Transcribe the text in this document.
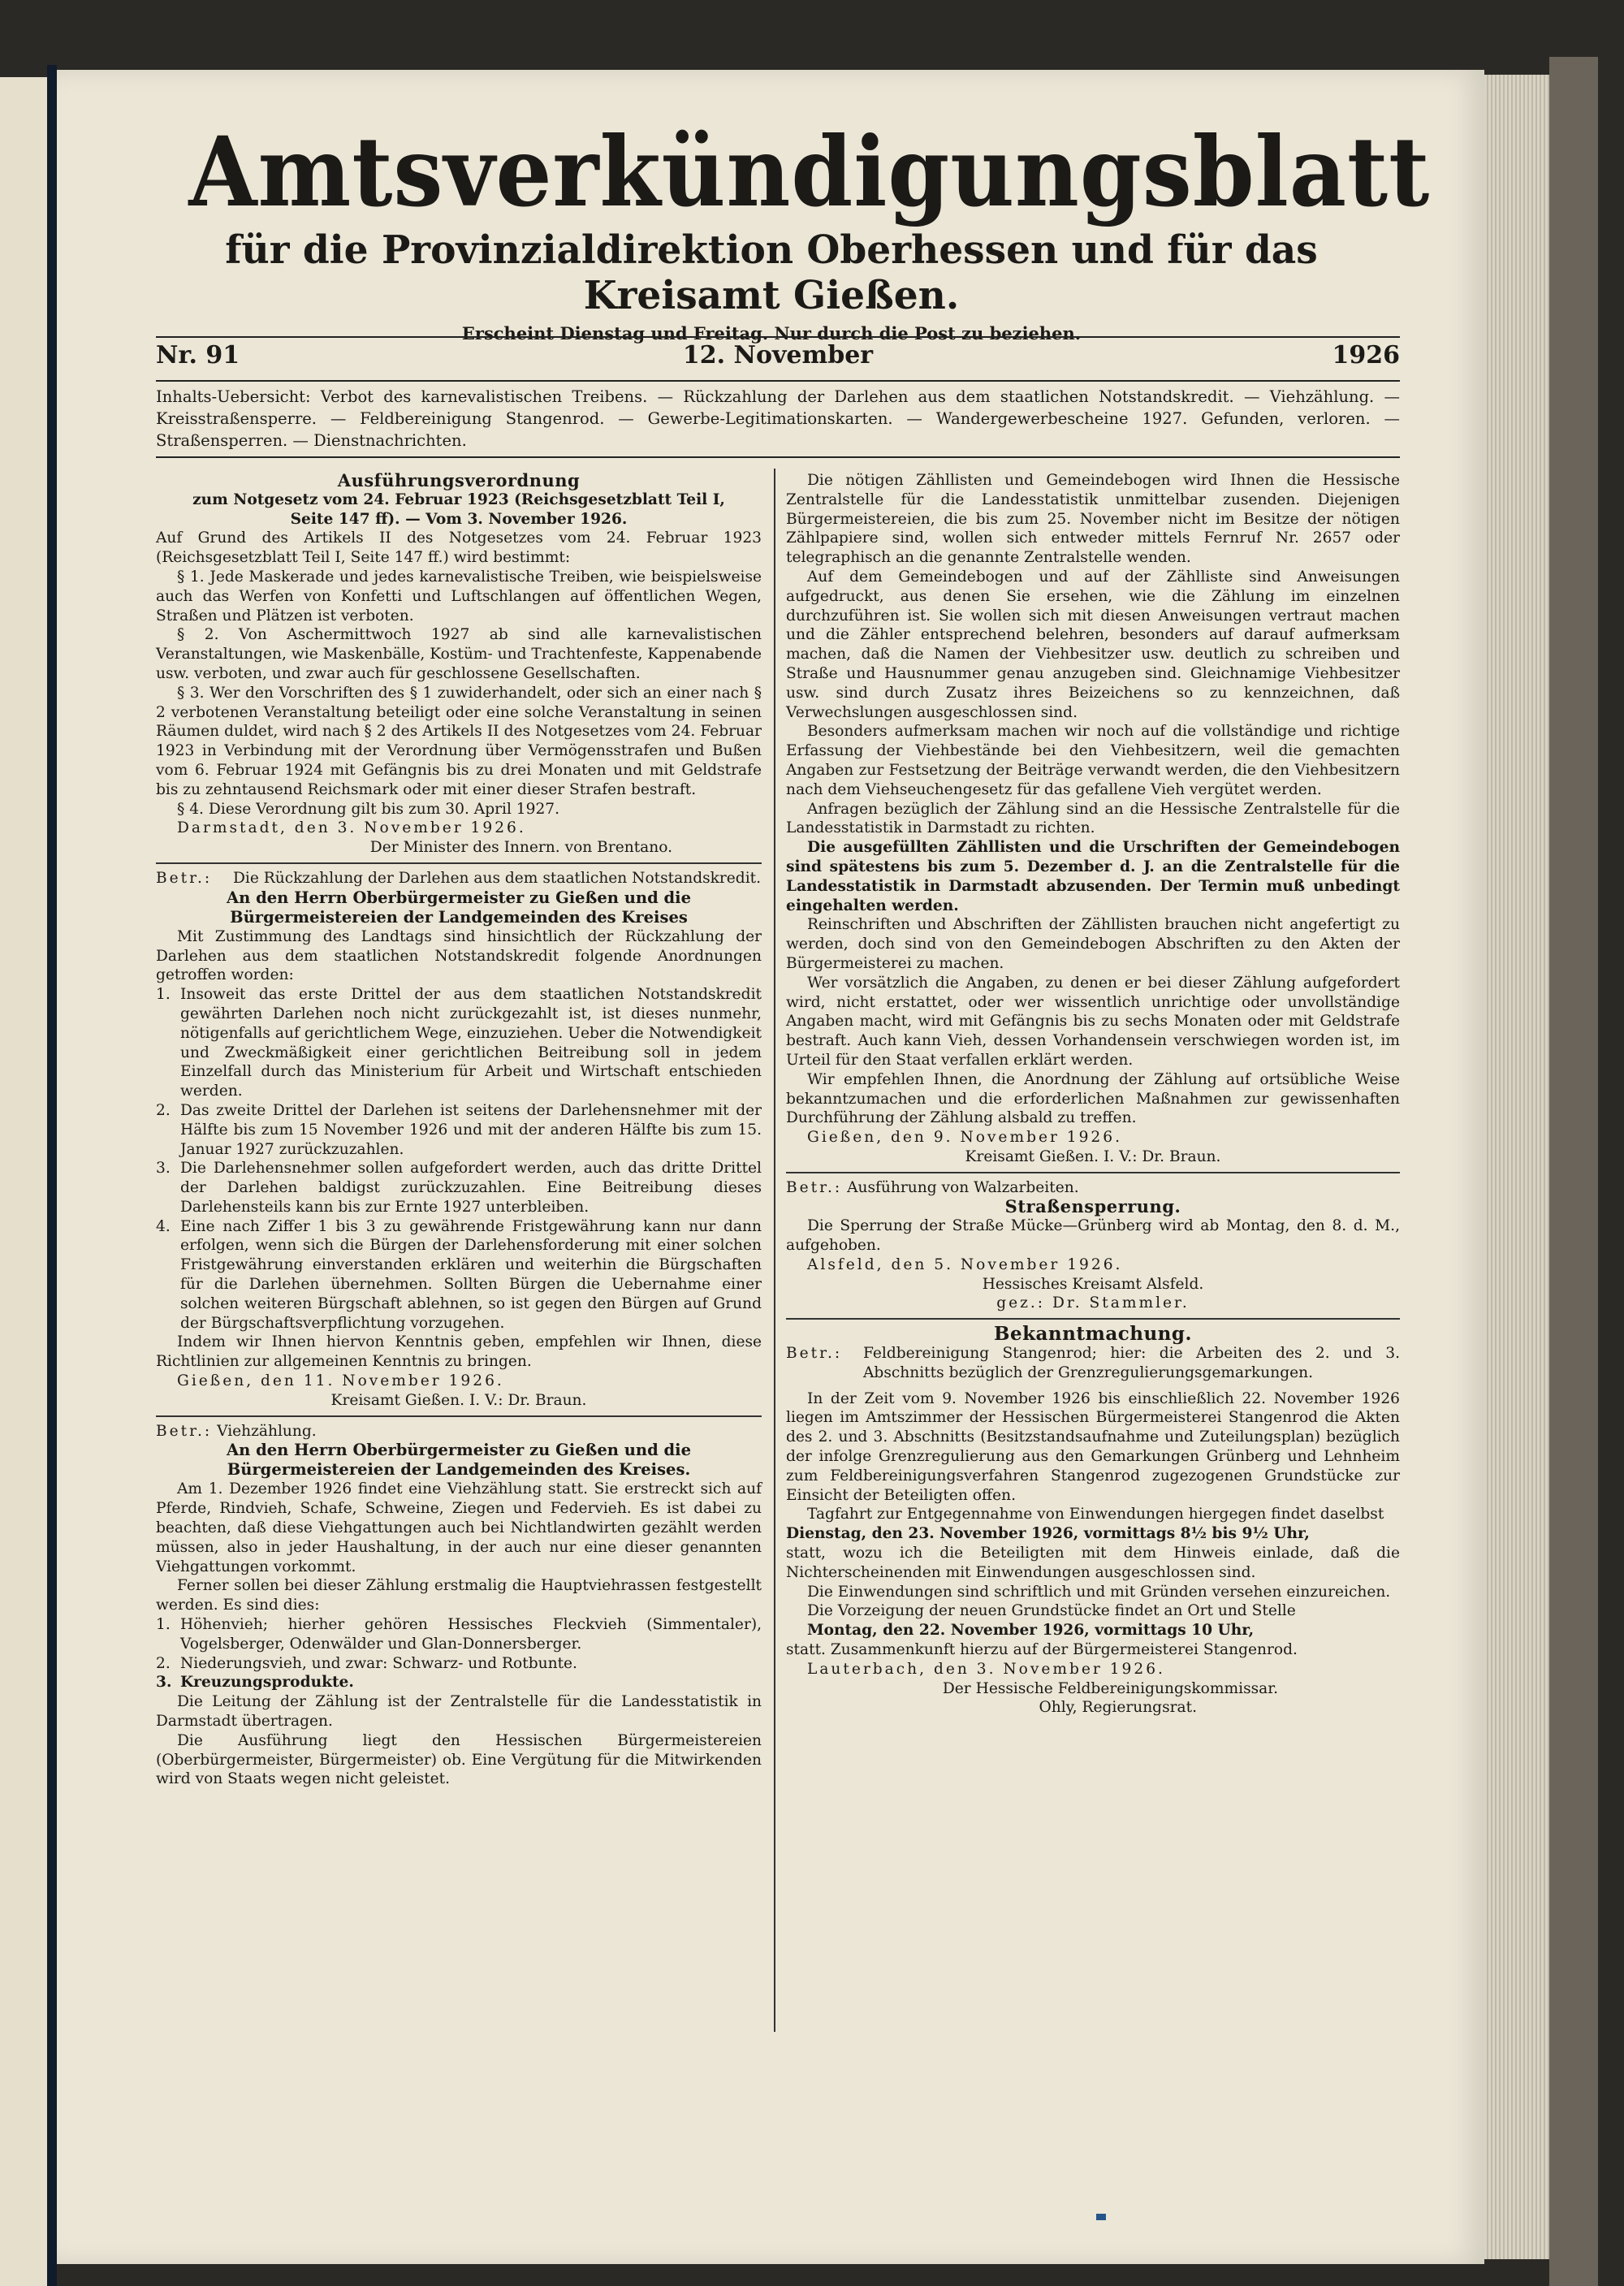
Amtsverkündigungsblatt
für die Provinzialdirektion Oberhessen und für das Kreisamt Gießen.
Erscheint Dienstag und Freitag. Nur durch die Post zu beziehen.
Nr. 91	12. November	1926
Inhalts-Uebersicht: Verbot des karnevalistischen Treibens. — Rückzahlung der Darlehen aus dem staatlichen Notstandskredit. — Viehzählung. — Kreisstraßensperre. — Feldbereinigung Stangenrod. — Gewerbe-Legitimationskarten. — Wandergewerbescheine 1927. Gefunden, verloren. — Straßensperren. — Dienstnachrichten.
Ausführungsverordnung
zum Notgesetz vom 24. Februar 1923 (Reichsgesetzblatt Teil I, Seite 147 ff). — Vom 3. November 1926.

Auf Grund des Artikels II des Notgesetzes vom 24. Februar 1923 (Reichsgesetzblatt Teil I, Seite 147 ff.) wird bestimmt:

§ 1. Jede Maskerade und jedes karnevalistische Treiben, wie beispielsweise auch das Werfen von Konfetti und Luftschlangen auf öffentlichen Wegen, Straßen und Plätzen ist verboten.

§ 2. Von Aschermittwoch 1927 ab sind alle karnevalistischen Veranstaltungen, wie Maskenbälle, Kostüm- und Trachtenfeste, Kappenabende usw. verboten, und zwar auch für geschlossene Gesellschaften.

§ 3. Wer den Vorschriften des § 1 zuwiderhandelt, oder sich an einer nach § 2 verbotenen Veranstaltung beteiligt oder eine solche Veranstaltung in seinen Räumen duldet, wird nach § 2 des Artikels II des Notgesetzes vom 24. Februar 1923 in Verbindung mit der Verordnung über Vermögensstrafen und Bußen vom 6. Februar 1924 mit Gefängnis bis zu drei Monaten und mit Geldstrafe bis zu zehntausend Reichsmark oder mit einer dieser Strafen bestraft.

§ 4. Diese Verordnung gilt bis zum 30. April 1927.

Darmstadt, den 3. November 1926.

Der Minister des Innern. von Brentano.

Betr.: Die Rückzahlung der Darlehen aus dem staatlichen Notstandskredit.

An den Herrn Oberbürgermeister zu Gießen und die Bürgermeistereien der Landgemeinden des Kreises

Mit Zustimmung des Landtags sind hinsichtlich der Rückzahlung der Darlehen aus dem staatlichen Notstandskredit folgende Anordnungen getroffen worden:

1. Insoweit das erste Drittel der aus dem staatlichen Notstandskredit gewährten Darlehen noch nicht zurückgezahlt ist, ist dieses nunmehr, nötigenfalls auf gerichtlichem Wege, einzuziehen. Ueber die Notwendigkeit und Zweckmäßigkeit einer gerichtlichen Beitreibung soll in jedem Einzelfall durch das Ministerium für Arbeit und Wirtschaft entschieden werden.

2. Das zweite Drittel der Darlehen ist seitens der Darlehensnehmer mit der Hälfte bis zum 15 November 1926 und mit der anderen Hälfte bis zum 15. Januar 1927 zurückzuzahlen.

3. Die Darlehensnehmer sollen aufgefordert werden, auch das dritte Drittel der Darlehen baldigst zurückzuzahlen. Eine Beitreibung dieses Darlehensteils kann bis zur Ernte 1927 unterbleiben.

4. Eine nach Ziffer 1 bis 3 zu gewährende Fristgewährung kann nur dann erfolgen, wenn sich die Bürgen der Darlehensforderung mit einer solchen Fristgewährung einverstanden erklären und weiterhin die Bürgschaften für die Darlehen übernehmen. Sollten Bürgen die Uebernahme einer solchen weiteren Bürgschaft ablehnen, so ist gegen den Bürgen auf Grund der Bürgschaftsverpflichtung vorzugehen.

Indem wir Ihnen hiervon Kenntnis geben, empfehlen wir Ihnen, diese Richtlinien zur allgemeinen Kenntnis zu bringen.

Gießen, den 11. November 1926.

Kreisamt Gießen. I. V.: Dr. Braun.

Betr.: Viehzählung.

An den Herrn Oberbürgermeister zu Gießen und die Bürgermeistereien der Landgemeinden des Kreises.

Am 1. Dezember 1926 findet eine Viehzählung statt. Sie erstreckt sich auf Pferde, Rindvieh, Schafe, Schweine, Ziegen und Federvieh. Es ist dabei zu beachten, daß diese Viehgattungen auch bei Nichtlandwirten gezählt werden müssen, also in jeder Haushaltung, in der auch nur eine dieser genannten Viehgattungen vorkommt.

Ferner sollen bei dieser Zählung erstmalig die Hauptviehrassen festgestellt werden. Es sind dies:

1. Höhenvieh; hierher gehören Hessisches Fleckvieh (Simmentaler), Vogelsberger, Odenwälder und Glan-Donnersberger.

2. Niederungsvieh, und zwar: Schwarz- und Rotbunte.

3. Kreuzungsprodukte.

Die Leitung der Zählung ist der Zentralstelle für die Landesstatistik in Darmstadt übertragen.

Die Ausführung liegt den Hessischen Bürgermeistereien (Oberbürgermeister, Bürgermeister) ob. Eine Vergütung für die Mitwirkenden wird von Staats wegen nicht geleistet.

Die nötigen Zähllisten und Gemeindebogen wird Ihnen die Hessische Zentralstelle für die Landesstatistik unmittelbar zusenden. Diejenigen Bürgermeistereien, die bis zum 25. November nicht im Besitze der nötigen Zählpapiere sind, wollen sich entweder mittels Fernruf Nr. 2657 oder telegraphisch an die genannte Zentralstelle wenden.

Auf dem Gemeindebogen und auf der Zählliste sind Anweisungen aufgedruckt, aus denen Sie ersehen, wie die Zählung im einzelnen durchzuführen ist. Sie wollen sich mit diesen Anweisungen vertraut machen und die Zähler entsprechend belehren, besonders auf darauf aufmerksam machen, daß die Namen der Viehbesitzer usw. deutlich zu schreiben und Straße und Hausnummer genau anzugeben sind. Gleichnamige Viehbesitzer usw. sind durch Zusatz ihres Beizeichens so zu kennzeichnen, daß Verwechslungen ausgeschlossen sind.

Besonders aufmerksam machen wir noch auf die vollständige und richtige Erfassung der Viehbestände bei den Viehbesitzern, weil die gemachten Angaben zur Festsetzung der Beiträge verwandt werden, die den Viehbesitzern nach dem Viehseuchengesetz für das gefallene Vieh vergütet werden.

Anfragen bezüglich der Zählung sind an die Hessische Zentralstelle für die Landesstatistik in Darmstadt zu richten.

Die ausgefüllten Zähllisten und die Urschriften der Gemeindebogen sind spätestens bis zum 5. Dezember d. J. an die Zentralstelle für die Landesstatistik in Darmstadt abzusenden. Der Termin muß unbedingt eingehalten werden.

Reinschriften und Abschriften der Zähllisten brauchen nicht angefertigt zu werden, doch sind von den Gemeindebogen Abschriften zu den Akten der Bürgermeisterei zu machen.

Wer vorsätzlich die Angaben, zu denen er bei dieser Zählung aufgefordert wird, nicht erstattet, oder wer wissentlich unrichtige oder unvollständige Angaben macht, wird mit Gefängnis bis zu sechs Monaten oder mit Geldstrafe bestraft. Auch kann Vieh, dessen Vorhandensein verschwiegen worden ist, im Urteil für den Staat verfallen erklärt werden.

Wir empfehlen Ihnen, die Anordnung der Zählung auf ortsübliche Weise bekanntzumachen und die erforderlichen Maßnahmen zur gewissenhaften Durchführung der Zählung alsbald zu treffen.

Gießen, den 9. November 1926.

Kreisamt Gießen. I. V.: Dr. Braun.

Betr.: Ausführung von Walzarbeiten.

Straßensperrung.

Die Sperrung der Straße Mücke—Grünberg wird ab Montag, den 8. d. M., aufgehoben.

Alsfeld, den 5. November 1926.

Hessisches Kreisamt Alsfeld.
gez.: Dr. Stammler.
Bekanntmachung.

Betr.: Feldbereinigung Stangenrod; hier: die Arbeiten des 2. und 3. Abschnitts bezüglich der Grenzregulierungsgemarkungen.

In der Zeit vom 9. November 1926 bis einschließlich 22. November 1926 liegen im Amtszimmer der Hessischen Bürgermeisterei Stangenrod die Akten des 2. und 3. Abschnitts (Besitzstandsaufnahme und Zuteilungsplan) bezüglich der infolge Grenzregulierung aus den Gemarkungen Grünberg und Lehnheim zum Feldbereinigungsverfahren Stangenrod zugezogenen Grundstücke zur Einsicht der Beteiligten offen.

Tagfahrt zur Entgegennahme von Einwendungen hiergegen findet daselbst

Dienstag, den 23. November 1926, vormittags 8½ bis 9½ Uhr,

statt, wozu ich die Beteiligten mit dem Hinweis einlade, daß die Nichterscheinenden mit Einwendungen ausgeschlossen sind.

Die Einwendungen sind schriftlich und mit Gründen versehen einzureichen.

Die Vorzeigung der neuen Grundstücke findet an Ort und Stelle

Montag, den 22. November 1926, vormittags 10 Uhr,

statt. Zusammenkunft hierzu auf der Bürgermeisterei Stangenrod.

Lauterbach, den 3. November 1926.

Der Hessische Feldbereinigungskommissar.
Ohly, Regierungsrat.
